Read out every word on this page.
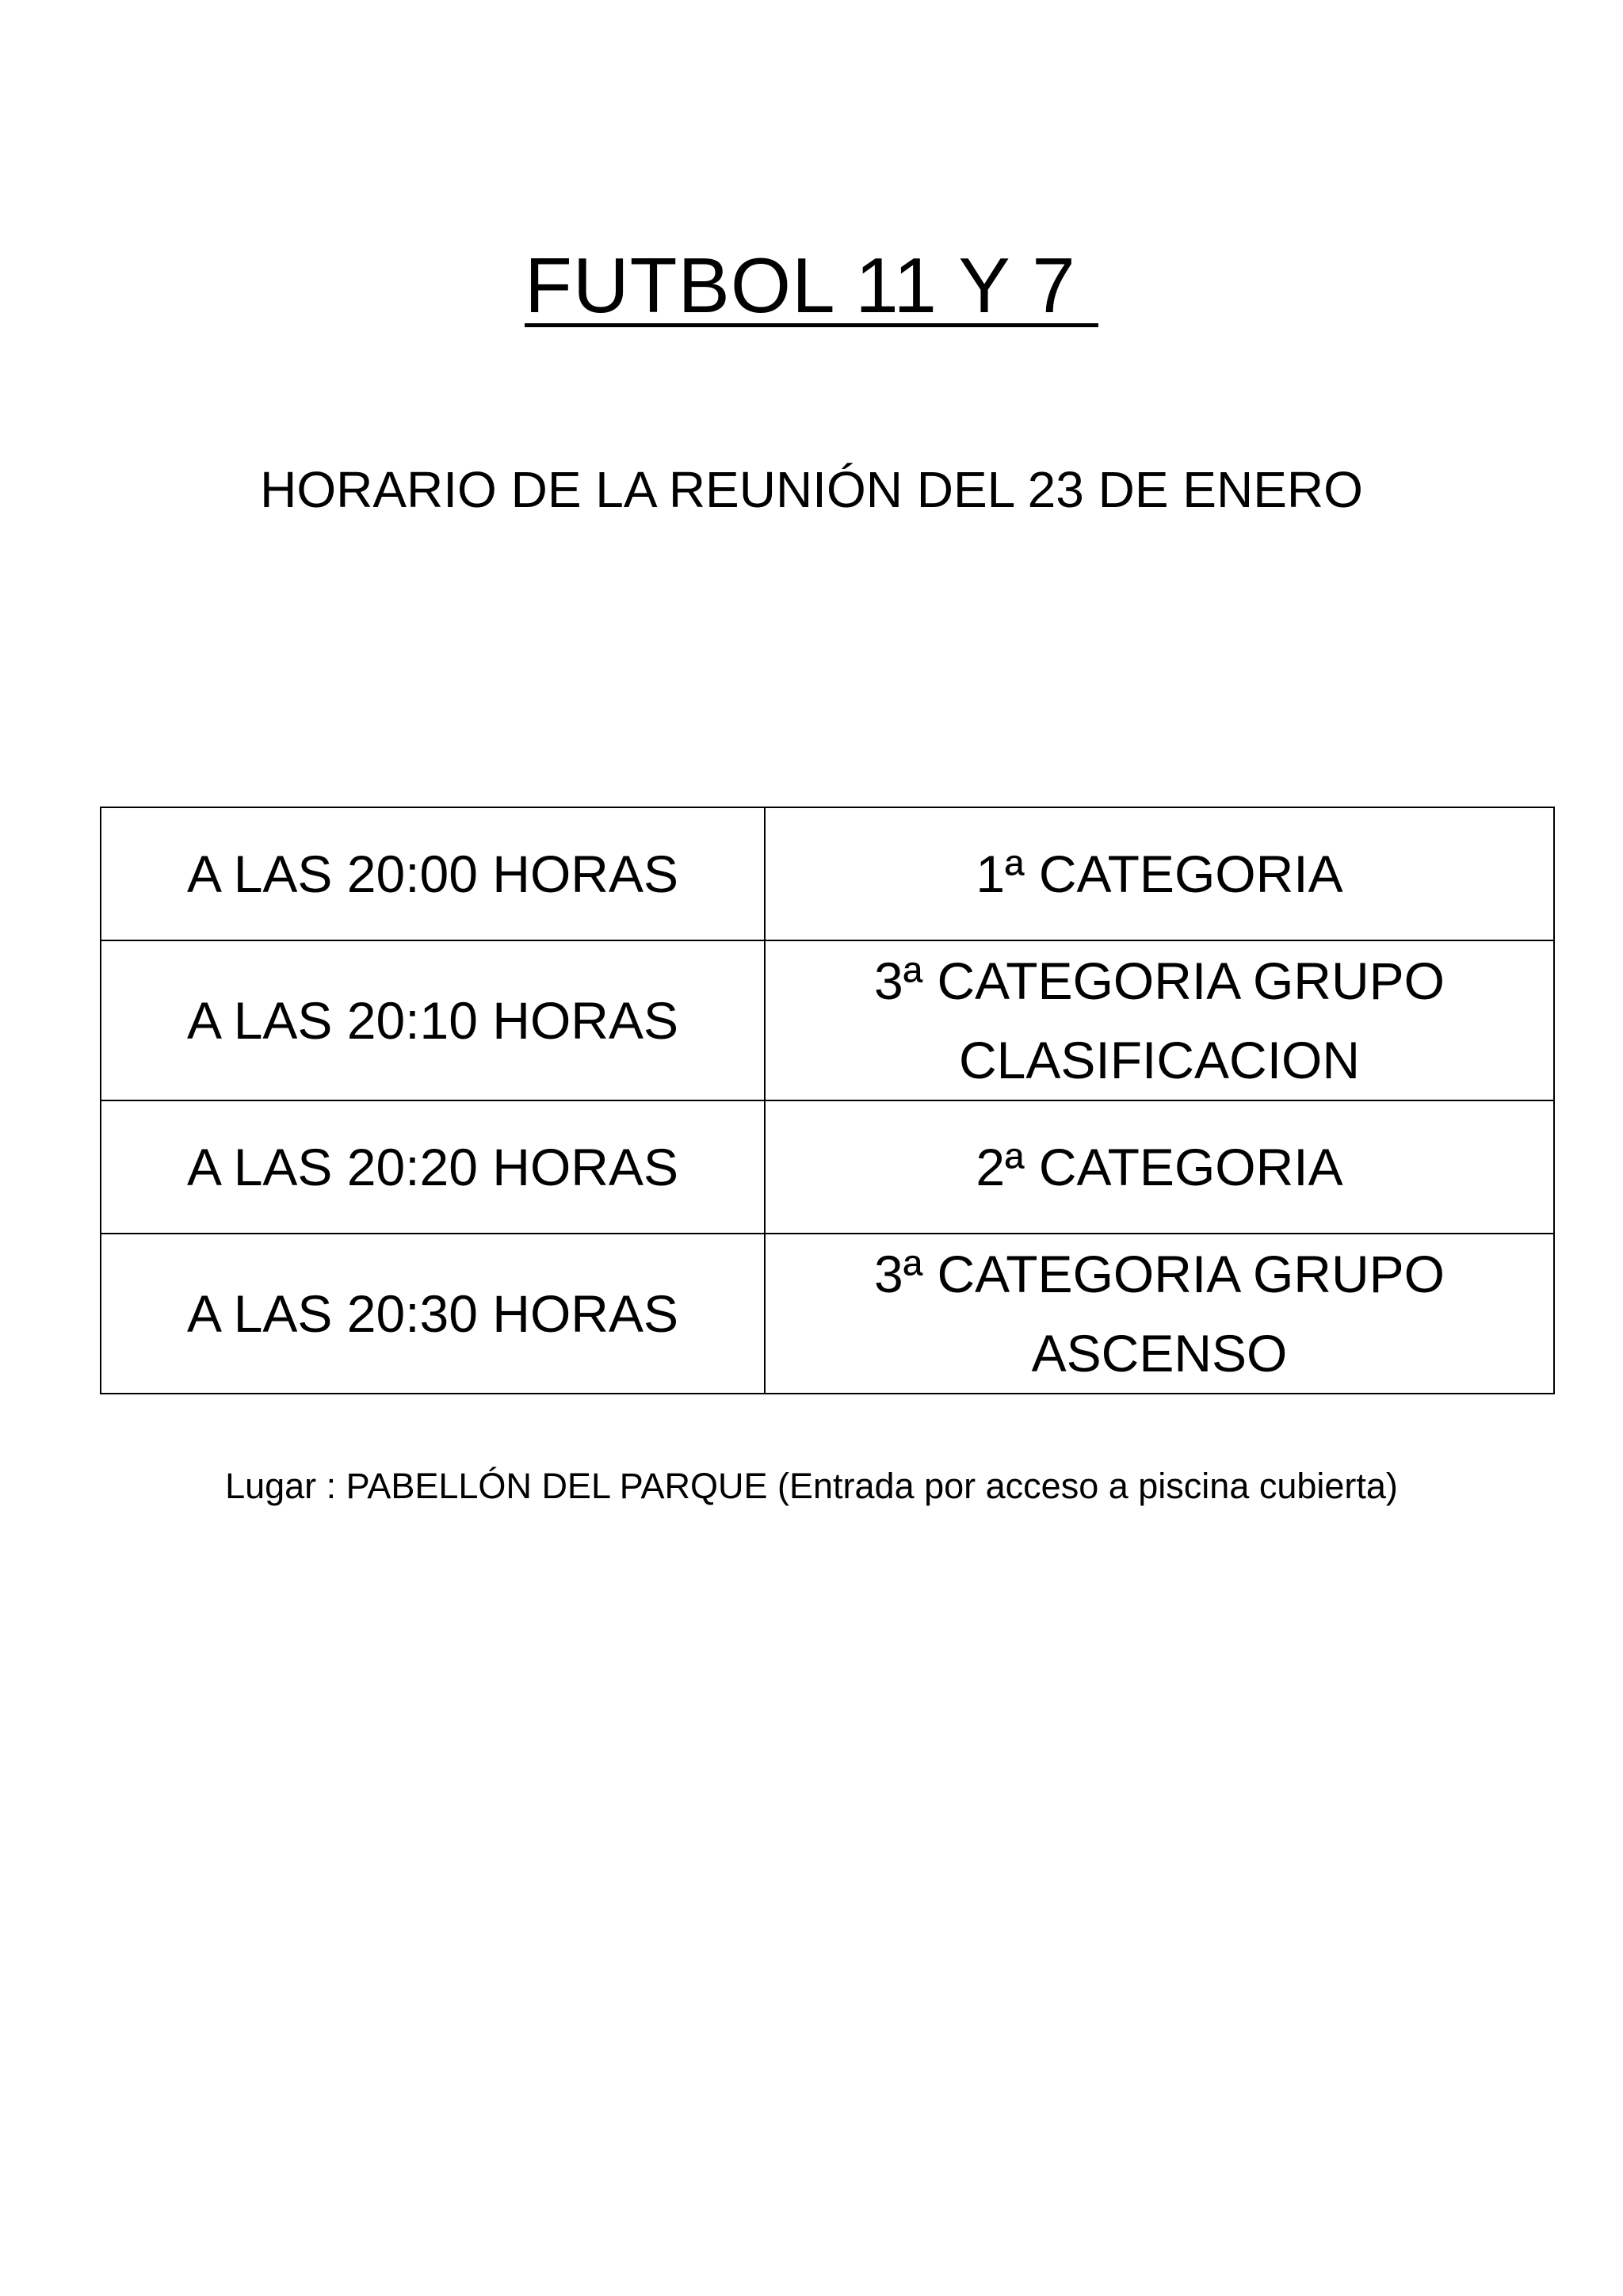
FUTBOL 11 Y 7
HORARIO DE LA REUNIÓN DEL 23 DE ENERO
A LAS 20:00 HORAS	1ª CATEGORIA

A LAS 20:10 HORAS	3ª CATEGORIA GRUPO
CLASIFICACION

A LAS 20:20 HORAS	2ª CATEGORIA

A LAS 20:30 HORAS	3ª CATEGORIA GRUPO
ASCENSO
Lugar : PABELLÓN DEL PARQUE (Entrada por acceso a piscina cubierta)
